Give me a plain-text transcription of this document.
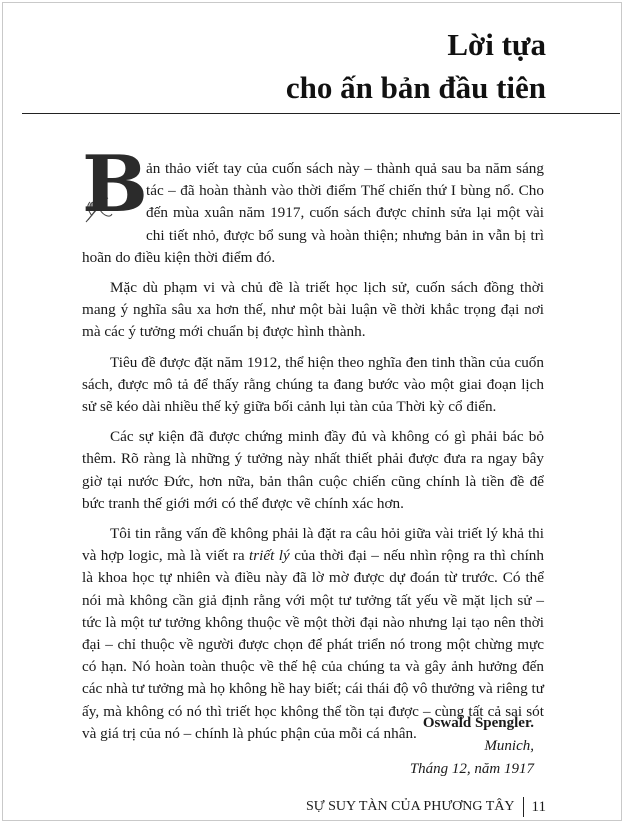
Lời tựa
cho ấn bản đầu tiên

B
ản thảo viết tay của cuốn sách này – thành quả sau ba năm sáng tác – đã hoàn thành vào thời điểm Thế chiến thứ I bùng nổ. Cho đến mùa xuân năm 1917, cuốn sách được chỉnh sửa lại một vài chi tiết nhỏ, được bổ sung và hoàn thiện; nhưng bản in vẫn bị trì hoãn do điều kiện thời điểm đó.

Mặc dù phạm vi và chủ đề là triết học lịch sử, cuốn sách đồng thời mang ý nghĩa sâu xa hơn thế, như một bài luận về thời khắc trọng đại nơi mà các ý tưởng mới chuẩn bị được hình thành.

Tiêu đề được đặt năm 1912, thể hiện theo nghĩa đen tinh thần của cuốn sách, được mô tả để thấy rằng chúng ta đang bước vào một giai đoạn lịch sử sẽ kéo dài nhiều thế kỷ giữa bối cảnh lụi tàn của Thời kỳ cổ điển.

Các sự kiện đã được chứng minh đầy đủ và không có gì phải bác bỏ thêm. Rõ ràng là những ý tưởng này nhất thiết phải được đưa ra ngay bây giờ tại nước Đức, hơn nữa, bản thân cuộc chiến cũng chính là tiền đề để bức tranh thế giới mới có thể được vẽ chính xác hơn.

Tôi tin rằng vấn đề không phải là đặt ra câu hỏi giữa vài triết lý khả thi và hợp logic, mà là viết ra triết lý của thời đại – nếu nhìn rộng ra thì chính là khoa học tự nhiên và điều này đã lờ mờ được dự đoán từ trước. Có thể nói mà không cần giả định rằng với một tư tưởng tất yếu về mặt lịch sử – tức là một tư tưởng không thuộc về một thời đại nào nhưng lại tạo nên thời đại – chỉ thuộc về người được chọn để phát triển nó trong một chừng mực có hạn. Nó hoàn toàn thuộc về thế hệ của chúng ta và gây ảnh hưởng đến các nhà tư tưởng mà họ không hề hay biết; cái thái độ vô thưởng và riêng tư ấy, mà không có nó thì triết học không thể tồn tại được – cùng tất cả sai sót và giá trị của nó – chính là phúc phận của mỗi cá nhân.

Oswald Spengler.
Munich,
Tháng 12, năm 1917
SỰ SUY TÀN CỦA PHƯƠNG TÂY 11
